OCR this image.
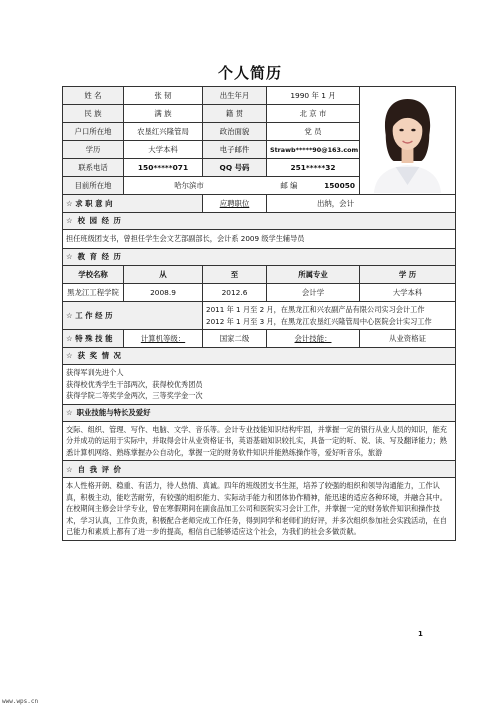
个人简历
姓 名	张 韧	出生年月	1990 年 1 月	

民 族	满 族	籍 贯	北 京 市	
户口所在地	农垦红兴隆管局	政治面貌	党 员	
学历	大学本科	电子邮件	Strawb*****90@163.com	
联系电话	150*****071	QQ 号码	251*****32	
目前所在地	哈尔滨市 邮 编 150050			

☆ 求 职 意 向		应聘职位	出纳，会计	
☆ 校 园 经 历				
担任班级团支书，曾担任学生会文艺部副部长，会计系 2009 级学生辅导员				
☆ 教 育 经 历				
学校名称	从	至	所属专业	学 历
黑龙江工程学院	2008.9	2012.6	会计学	大学本科
☆ 工 作 经 历		2011 年 1 月至 2 月，在黑龙江和兴农副产品有限公司实习会计工作
2012 年 1 月至 3 月，在黑龙江农垦红兴隆管局中心医院会计实习工作		

☆ 特 殊 技 能	计算机等级：	国家二级	会计技能：	从业资格证
☆ 获 奖 情 况				

获得军训先进个人
获得校优秀学生干部两次，获得校优秀团员
获得学院二等奖学金两次，三等奖学金一次				

☆ 职业技能与特长及爱好				
交际、组织、管理、写作、电脑、文学、音乐等。会计专业技能知识结构牢固，并掌握一定的银行从业人员的知识，能充分并成功的运用于实际中，并取得会计从业资格证书，英语基础知识较扎实，具备一定的听、说、读、写及翻译能力；熟悉计算机网络、熟练掌握办公自动化，掌握一定的财务软件知识并能熟练操作等，爱好听音乐，旅游				
☆ 自 我 评 价				
本人性格开朗、稳重、有活力，待人热情、真诚。四年的班级团支书生涯，培养了较强的组织和领导沟通能力，工作认真，积极主动，能吃苦耐劳，有较强的组织能力、实际动手能力和团体协作精神，能迅速的适应各种环境，并融合其中。在校期间主修会计学专业，曾在寒假期间在副食品加工公司和医院实习会计工作，并掌握一定的财务软件知识和操作技术，学习认真，工作负责，积极配合老师完成工作任务，得到同学和老师们的好评，并多次组织参加社会实践活动，在自己能力和素质上都有了进一步的提高，相信自己能够适应这个社会，为我们的社会多做贡献。				
1
www.wps.cn
